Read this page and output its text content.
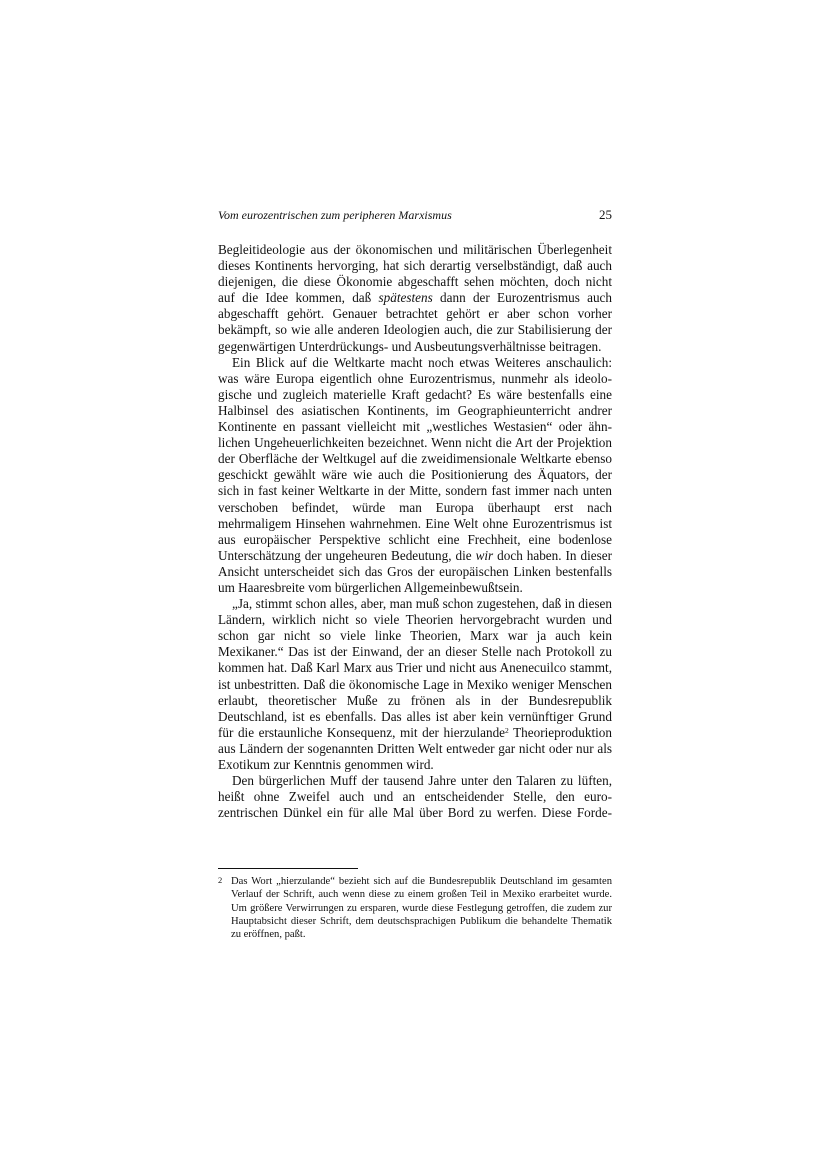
Vom eurozentrischen zum peripheren Marxismus	25

Begleitideologie aus der ökonomischen und militärischen Überlegenheit dieses Kontinents hervorging, hat sich derartig verselbständigt, daß auch diejenigen, die diese Ökonomie abgeschafft sehen möchten, doch nicht auf die Idee kommen, daß spätestens dann der Eurozentrismus auch abgeschafft gehört. Genauer betrachtet gehört er aber schon vorher bekämpft, so wie alle anderen Ideologien auch, die zur Stabilisierung der gegenwärtigen Unterdrückungs- und Ausbeutungsverhältnisse beitragen.

Ein Blick auf die Weltkarte macht noch etwas Weiteres anschaulich: was wäre Europa eigentlich ohne Eurozentrismus, nunmehr als ideologische und zugleich materielle Kraft gedacht? Es wäre bestenfalls eine Halbinsel des asiatischen Kontinents, im Geographieunterricht andrer Kontinente en passant vielleicht mit „westliches Westasien“ oder ähnlichen Ungeheuerlichkeiten bezeichnet. Wenn nicht die Art der Projektion der Oberfläche der Weltkugel auf die zweidimensionale Weltkarte ebenso geschickt gewählt wäre wie auch die Positionierung des Äquators, der sich in fast keiner Weltkarte in der Mitte, sondern fast immer nach unten verschoben befindet, würde man Europa überhaupt erst nach mehrmaligem Hinsehen wahrnehmen. Eine Welt ohne Eurozentrismus ist aus europäischer Perspektive schlicht eine Frechheit, eine bodenlose Unterschätzung der ungeheuren Bedeutung, die wir doch haben. In dieser Ansicht unterscheidet sich das Gros der europäischen Linken bestenfalls um Haaresbreite vom bürgerlichen Allgemeinbewußtsein.

„Ja, stimmt schon alles, aber, man muß schon zugestehen, daß in diesen Ländern, wirklich nicht so viele Theorien hervorgebracht wurden und schon gar nicht so viele linke Theorien, Marx war ja auch kein Mexikaner.“ Das ist der Einwand, der an dieser Stelle nach Protokoll zu kommen hat. Daß Karl Marx aus Trier und nicht aus Anenecuilco stammt, ist unbestritten. Daß die ökonomische Lage in Mexiko weniger Menschen erlaubt, theoretischer Muße zu frönen als in der Bundesrepublik Deutschland, ist es ebenfalls. Das alles ist aber kein vernünftiger Grund für die erstaunliche Konsequenz, mit der hierzulande$^2$ Theorieproduktion aus Ländern der sogenannten Dritten Welt entweder gar nicht oder nur als Exotikum zur Kenntnis genommen wird.

Den bürgerlichen Muff der tausend Jahre unter den Talaren zu lüften, heißt ohne Zweifel auch und an entscheidender Stelle, den eurozentrischen Dünkel ein für alle Mal über Bord zu werfen. Diese Forde-

2 Das Wort „hierzulande“ bezieht sich auf die Bundesrepublik Deutschland im gesamten Verlauf der Schrift, auch wenn diese zu einem großen Teil in Mexiko erarbeitet wurde. Um größere Verwirrungen zu ersparen, wurde diese Festlegung getroffen, die zudem zur Hauptabsicht dieser Schrift, dem deutschsprachigen Publikum die behandelte Thematik zu eröffnen, paßt.
